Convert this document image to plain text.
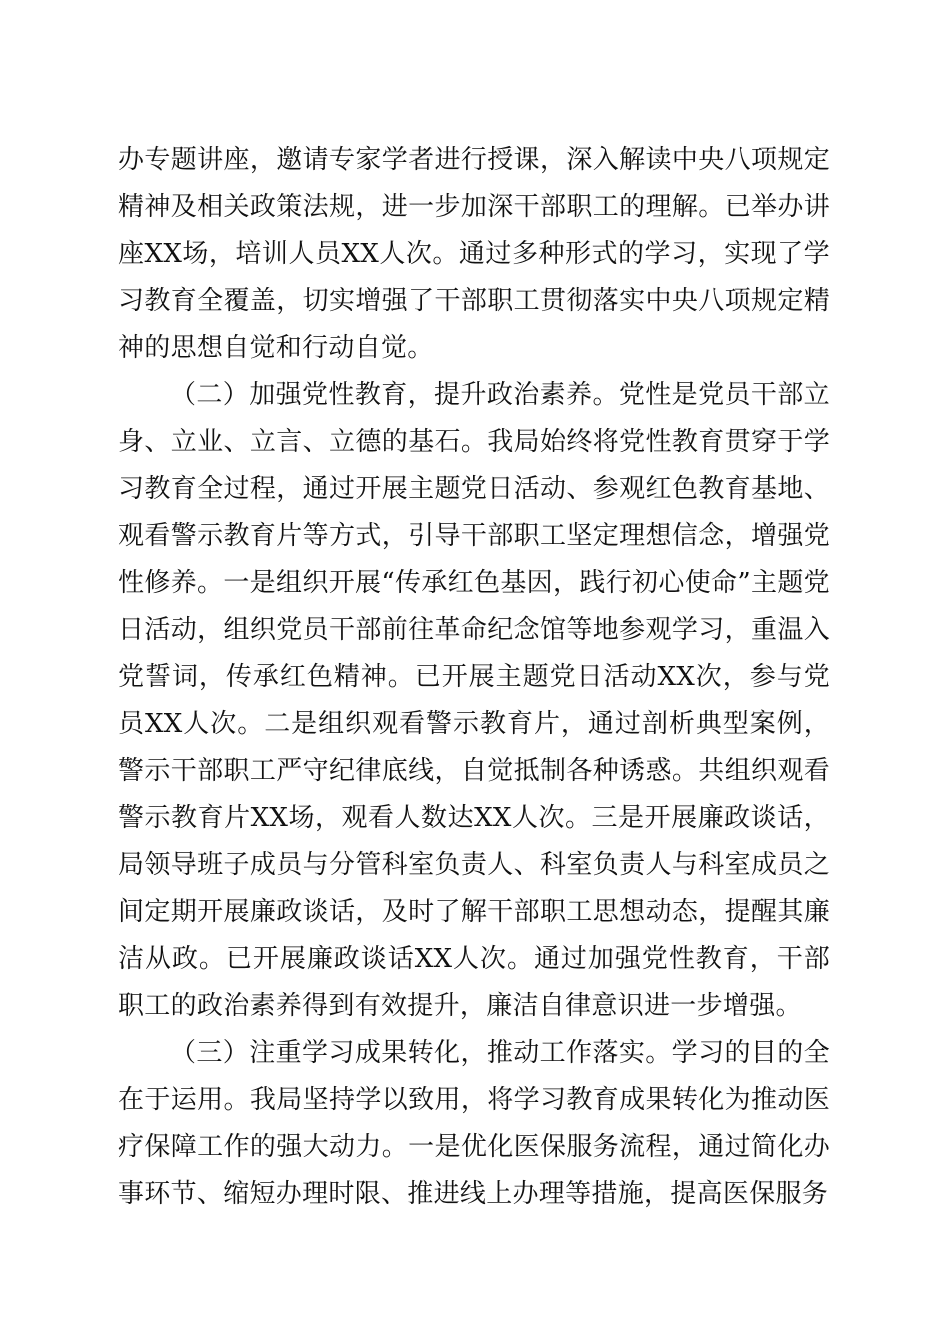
办专题讲座，邀请专家学者进行授课，深入解读中央八项规定精神及相关政策法规，进一步加深干部职工的理解。已举办讲座XX场，培训人员XX人次。通过多种形式的学习，实现了学习教育全覆盖，切实增强了干部职工贯彻落实中央八项规定精神的思想自觉和行动自觉。

（二）加强党性教育，提升政治素养。党性是党员干部立身、立业、立言、立德的基石。我局始终将党性教育贯穿于学习教育全过程，通过开展主题党日活动、参观红色教育基地、观看警示教育片等方式，引导干部职工坚定理想信念，增强党性修养。一是组织开展“传承红色基因，践行初心使命”主题党日活动，组织党员干部前往革命纪念馆等地参观学习，重温入党誓词，传承红色精神。已开展主题党日活动XX次，参与党员XX人次。二是组织观看警示教育片，通过剖析典型案例，警示干部职工严守纪律底线，自觉抵制各种诱惑。共组织观看警示教育片XX场，观看人数达XX人次。三是开展廉政谈话，局领导班子成员与分管科室负责人、科室负责人与科室成员之间定期开展廉政谈话，及时了解干部职工思想动态，提醒其廉洁从政。已开展廉政谈话XX人次。通过加强党性教育，干部职工的政治素养得到有效提升，廉洁自律意识进一步增强。

（三）注重学习成果转化，推动工作落实。学习的目的全在于运用。我局坚持学以致用，将学习教育成果转化为推动医疗保障工作的强大动力。一是优化医保服务流程，通过简化办事环节、缩短办理时限、推进线上办理等措施，提高医保服务
